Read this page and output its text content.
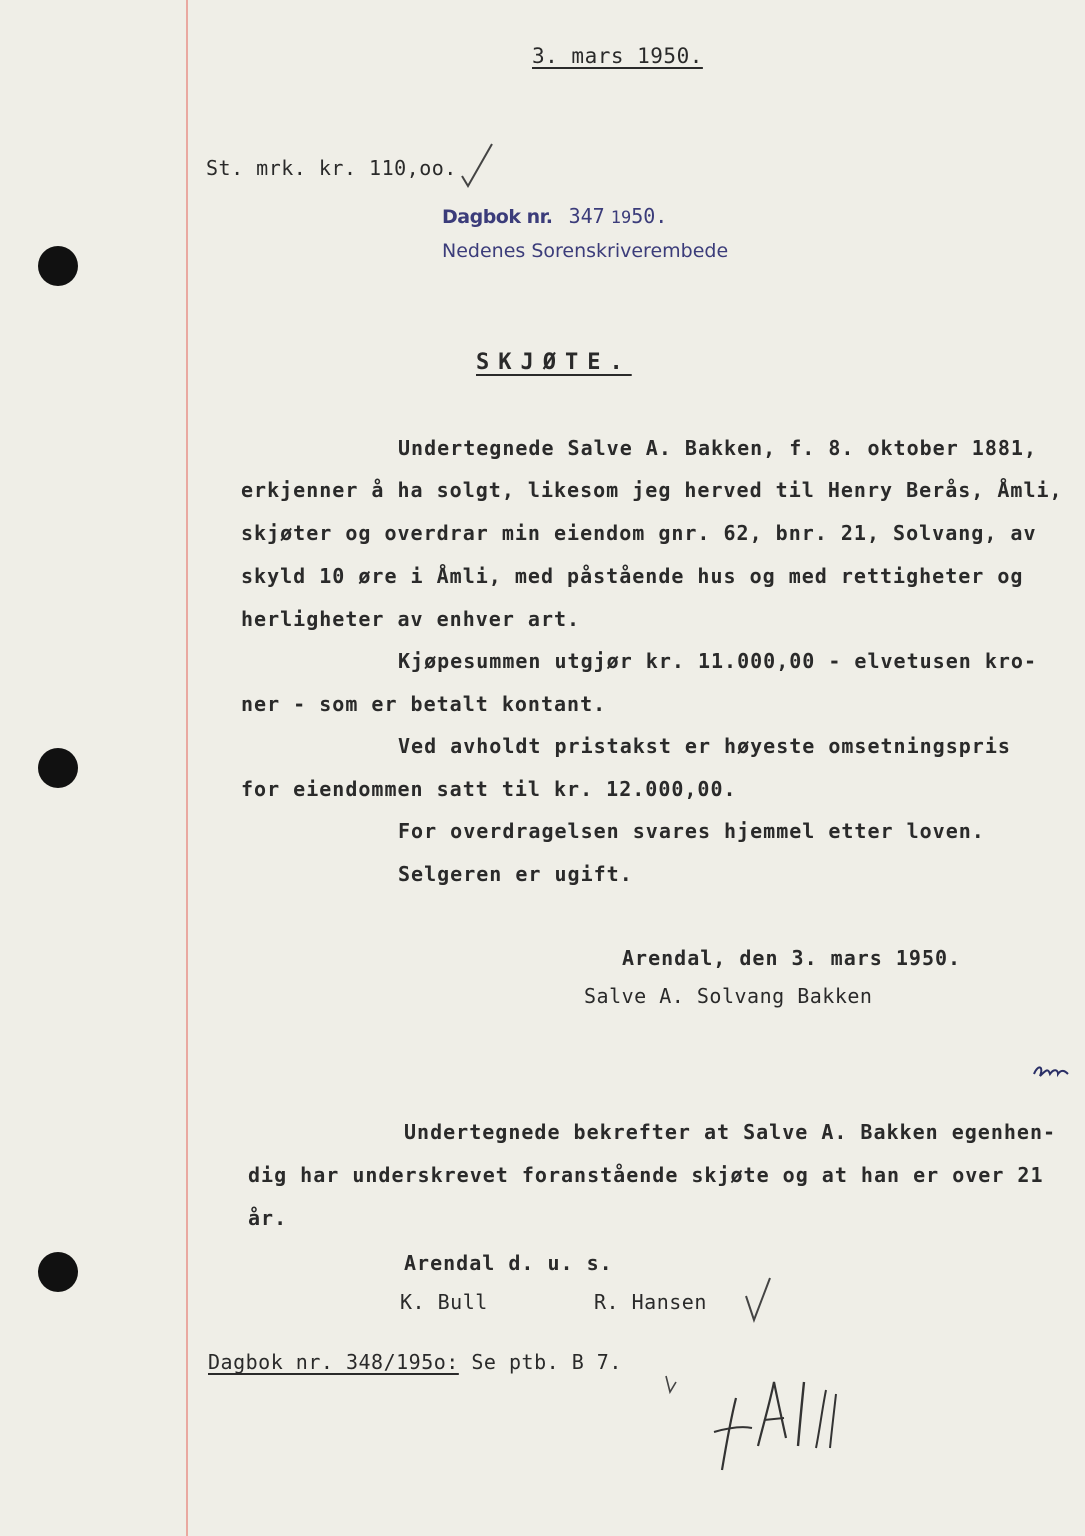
3. mars 1950.
St. mrk. kr. 110,oo.
Dagbok nr. 347 1950.
Nedenes Sorenskriverembede
SKJØTE.
Undertegnede Salve A. Bakken, f. 8. oktober 1881,
erkjenner å ha solgt, likesom jeg herved til Henry Berås, Åmli,
skjøter og overdrar min eiendom gnr. 62, bnr. 21, Solvang, av
skyld 10 øre i Åmli, med påstående hus og med rettigheter og
herligheter av enhver art.
Kjøpesummen utgjør kr. 11.000,00 - elvetusen kro-
ner - som er betalt kontant.
Ved avholdt pristakst er høyeste omsetningspris
for eiendommen satt til kr. 12.000,00.
For overdragelsen svares hjemmel etter loven.
Selgeren er ugift.
Arendal, den 3. mars 1950.
Salve A. Solvang Bakken
Undertegnede bekrefter at Salve A. Bakken egenhen-
dig har underskrevet foranstående skjøte og at han er over 21
år.
Arendal d. u. s.
K. Bull	R. Hansen
Dagbok nr. 348/195o: Se ptb. B 7.
